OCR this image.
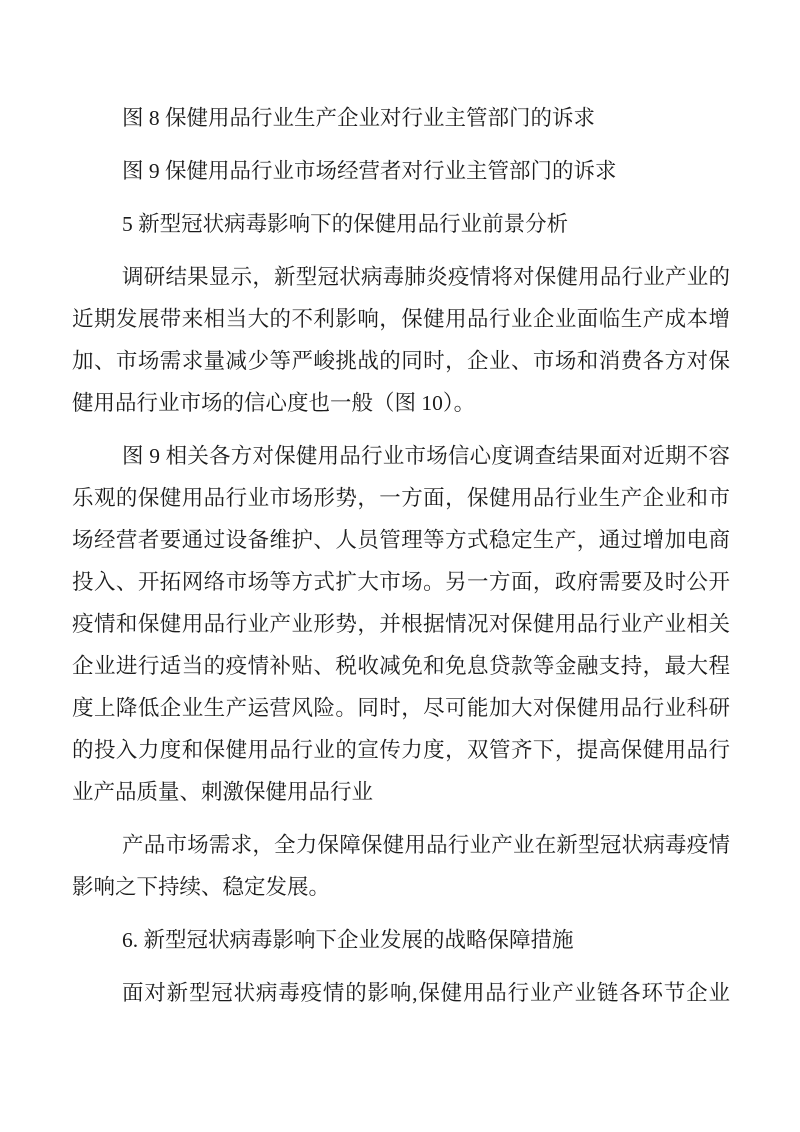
图 8 保健用品行业生产企业对行业主管部门的诉求
图 9 保健用品行业市场经营者对行业主管部门的诉求
5 新型冠状病毒影响下的保健用品行业前景分析
调研结果显示，新型冠状病毒肺炎疫情将对保健用品行业产业的
近期发展带来相当大的不利影响，保健用品行业企业面临生产成本增
加、市场需求量减少等严峻挑战的同时，企业、市场和消费各方对保
健用品行业市场的信心度也一般（图 10）。
图 9 相关各方对保健用品行业市场信心度调查结果面对近期不容
乐观的保健用品行业市场形势，一方面，保健用品行业生产企业和市
场经营者要通过设备维护、人员管理等方式稳定生产，通过增加电商
投入、开拓网络市场等方式扩大市场。另一方面，政府需要及时公开
疫情和保健用品行业产业形势，并根据情况对保健用品行业产业相关
企业进行适当的疫情补贴、税收减免和免息贷款等金融支持，最大程
度上降低企业生产运营风险。同时，尽可能加大对保健用品行业科研
的投入力度和保健用品行业的宣传力度，双管齐下，提高保健用品行
业产品质量、刺激保健用品行业
产品市场需求，全力保障保健用品行业产业在新型冠状病毒疫情
影响之下持续、稳定发展。
6. 新型冠状病毒影响下企业发展的战略保障措施
面对新型冠状病毒疫情的影响,保健用品行业产业链各环节企业
